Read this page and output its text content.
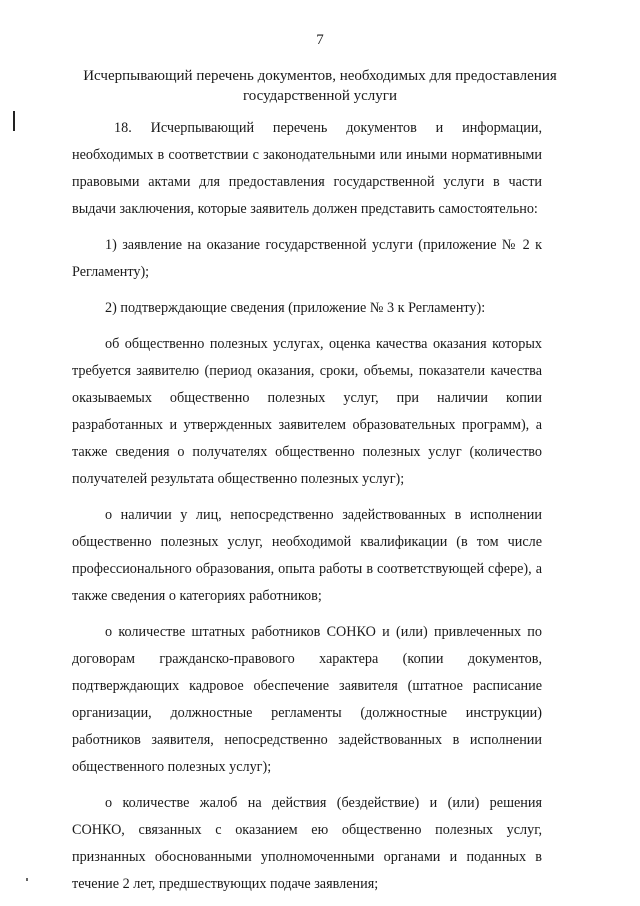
7
Исчерпывающий перечень документов, необходимых для предоставления государственной услуги

18. Исчерпывающий перечень документов и информации, необходимых в соответствии с законодательными или иными нормативными правовыми актами для предоставления государственной услуги в части выдачи заключения, которые заявитель должен представить самостоятельно:

1) заявление на оказание государственной услуги (приложение № 2 к Регламенту);

2) подтверждающие сведения (приложение № 3 к Регламенту):

об общественно полезных услугах, оценка качества оказания которых требуется заявителю (период оказания, сроки, объемы, показатели качества оказываемых общественно полезных услуг, при наличии копии разработанных и утвержденных заявителем образовательных программ), а также сведения о получателях общественно полезных услуг (количество получателей результата общественно полезных услуг);

о наличии у лиц, непосредственно задействованных в исполнении общественно полезных услуг, необходимой квалификации (в том числе профессионального образования, опыта работы в соответствующей сфере), а также сведения о категориях работников;

о количестве штатных работников СОНКО и (или) привлеченных по договорам гражданско-правового характера (копии документов, подтверждающих кадровое обеспечение заявителя (штатное расписание организации, должностные регламенты (должностные инструкции) работников заявителя, непосредственно задействованных в исполнении общественного полезных услуг);

о количестве жалоб на действия (бездействие) и (или) решения СОНКО, связанных с оказанием ею общественно полезных услуг, признанных обоснованными уполномоченными органами и поданных в течение 2 лет, предшествующих подаче заявления;
